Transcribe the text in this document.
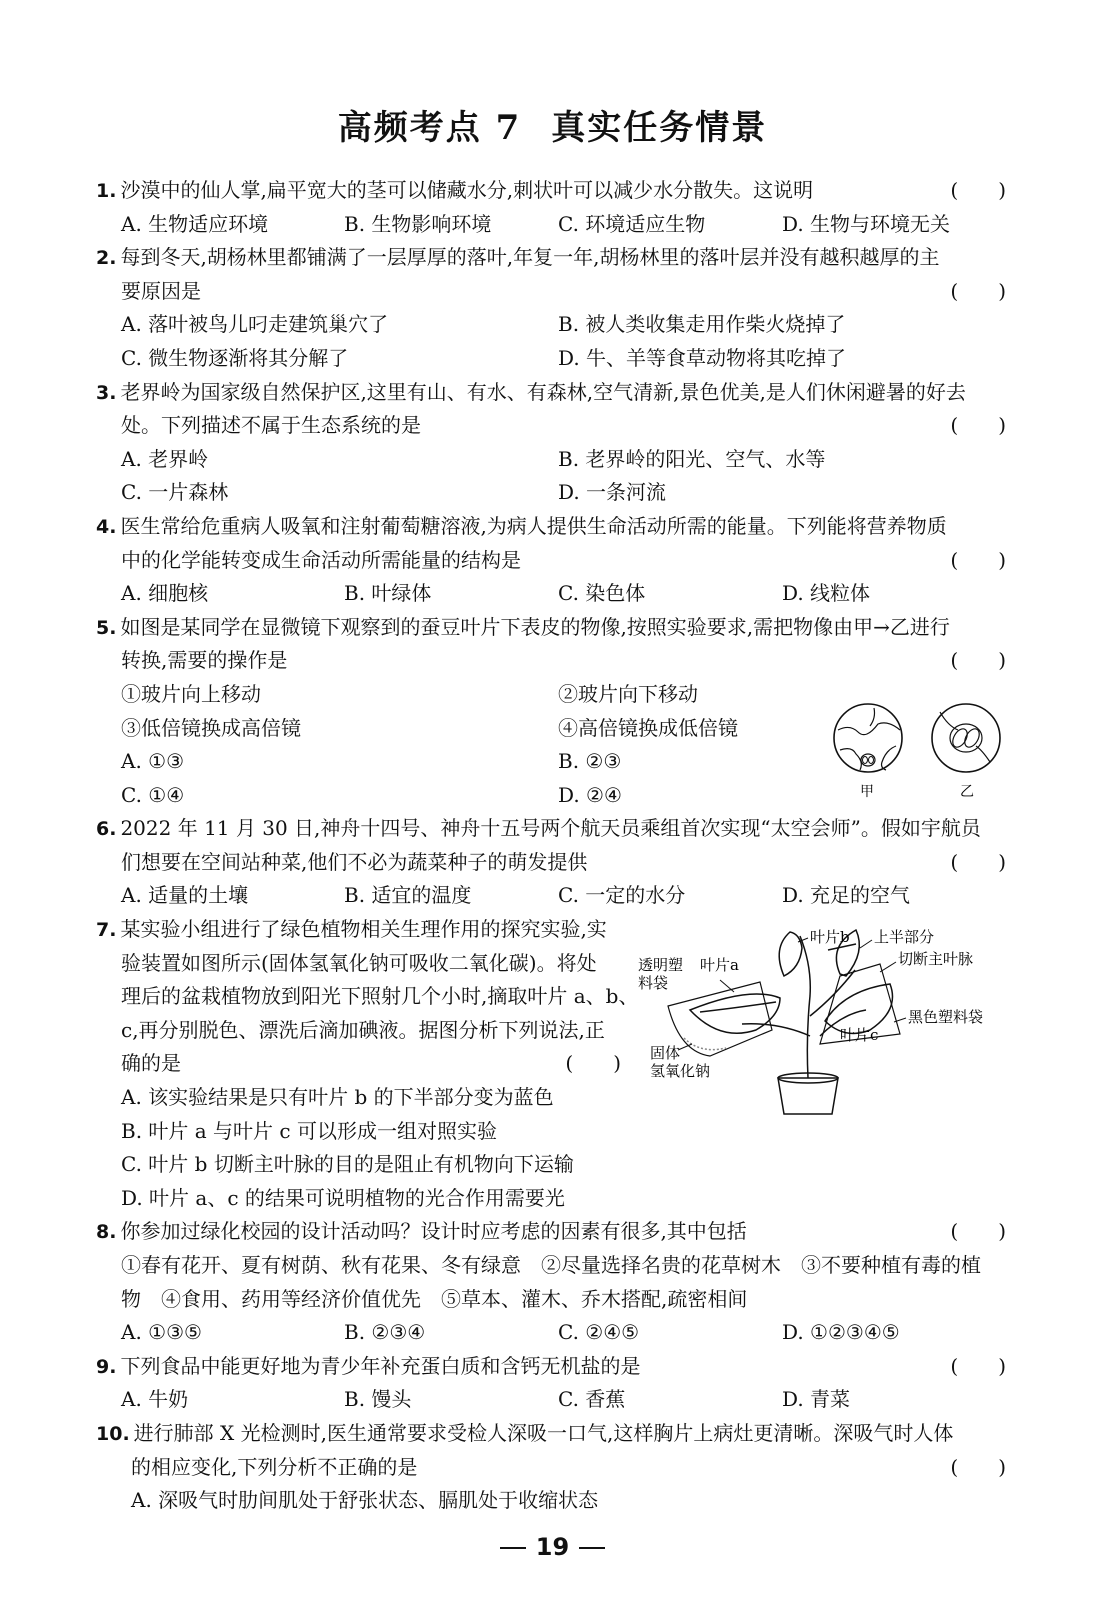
高频考点 7 真实任务情景
1. 沙漠中的仙人掌,扁平宽大的茎可以储藏水分,刺状叶可以减少水分散失。这说明	(　　)
A. 生物适应环境	B. 生物影响环境	C. 环境适应生物	D. 生物与环境无关
2. 每到冬天,胡杨林里都铺满了一层厚厚的落叶,年复一年,胡杨林里的落叶层并没有越积越厚的主
要原因是	(　　)
A. 落叶被鸟儿叼走建筑巢穴了	B. 被人类收集走用作柴火烧掉了
C. 微生物逐渐将其分解了	D. 牛、羊等食草动物将其吃掉了
3. 老界岭为国家级自然保护区,这里有山、有水、有森林,空气清新,景色优美,是人们休闲避暑的好去
处。下列描述不属于生态系统的是	(　　)
A. 老界岭	B. 老界岭的阳光、空气、水等
C. 一片森林	D. 一条河流
4. 医生常给危重病人吸氧和注射葡萄糖溶液,为病人提供生命活动所需的能量。下列能将营养物质
中的化学能转变成生命活动所需能量的结构是	(　　)
A. 细胞核	B. 叶绿体	C. 染色体	D. 线粒体
5. 如图是某同学在显微镜下观察到的蚕豆叶片下表皮的物像,按照实验要求,需把物像由甲→乙进行
转换,需要的操作是	(　　)
①玻片向上移动	②玻片向下移动
③低倍镜换成高倍镜	④高倍镜换成低倍镜
A. ①③	B. ②③
C. ①④	D. ②④
6. 2022 年 11 月 30 日,神舟十四号、神舟十五号两个航天员乘组首次实现“太空会师”。假如宇航员
们想要在空间站种菜,他们不必为蔬菜种子的萌发提供	(　　)
A. 适量的土壤	B. 适宜的温度	C. 一定的水分	D. 充足的空气
7. 某实验小组进行了绿色植物相关生理作用的探究实验,实
验装置如图所示(固体氢氧化钠可吸收二氧化碳)。将处
理后的盆栽植物放到阳光下照射几个小时,摘取叶片 a、b、
c,再分别脱色、漂洗后滴加碘液。据图分析下列说法,正
确的是	(　　)
A. 该实验结果是只有叶片 b 的下半部分变为蓝色
B. 叶片 a 与叶片 c 可以形成一组对照实验
C. 叶片 b 切断主叶脉的目的是阻止有机物向下运输
D. 叶片 a、c 的结果可说明植物的光合作用需要光
8. 你参加过绿化校园的设计活动吗？设计时应考虑的因素有很多,其中包括	(　　)
①春有花开、夏有树荫、秋有花果、冬有绿意　②尽量选择名贵的花草树木　③不要种植有毒的植
物　④食用、药用等经济价值优先　⑤草本、灌木、乔木搭配,疏密相间
A. ①③⑤	B. ②③④	C. ②④⑤	D. ①②③④⑤
9. 下列食品中能更好地为青少年补充蛋白质和含钙无机盐的是	(　　)
A. 牛奶	B. 馒头	C. 香蕉	D. 青菜
10. 进行肺部 X 光检测时,医生通常要求受检人深吸一口气,这样胸片上病灶更清晰。深吸气时人体
的相应变化,下列分析不正确的是	(　　)
A. 深吸气时肋间肌处于舒张状态、膈肌处于收缩状态
甲	乙
叶片b 上半部分
切断主叶脉
透明塑
料袋
叶片a
黑色塑料袋
叶片c
固体
氢氧化钠
19
